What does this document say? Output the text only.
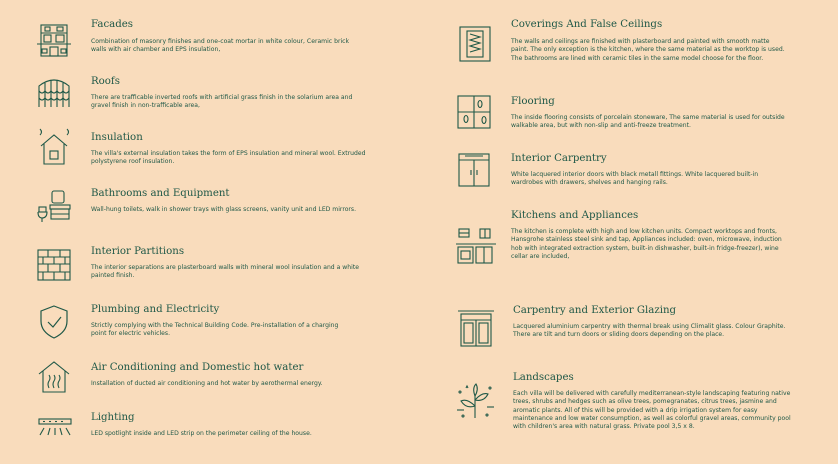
Facades
Combination of masonry finishes and one-coat mortar in white colour, Ceramic brick walls with air chamber and EPS insulation,
Roofs
There are trafficable inverted roofs with artificial grass finish in the solarium area and gravel finish in non-trafficable area,
Insulation
The villa's external insulation takes the form of EPS insulation and mineral wool. Extruded polystyrene roof insulation.
Bathrooms and Equipment
Wall-hung toilets, walk in shower trays with glass screens, vanity unit and LED mirrors.
Interior Partitions
The interior separations are plasterboard walls with mineral wool insulation and a white painted finish.
Plumbing and Electricity
Strictly complying with the Technical Building Code. Pre-installation of a charging point for electric vehicles.
Air Conditioning and Domestic hot water
Installation of ducted air conditioning and hot water by aerothermal energy.
Lighting
LED spotlight inside and LED strip on the perimeter ceiling of the house.
Coverings And False Ceilings
The walls and ceilings are finished with plasterboard and painted with smooth matte paint. The only exception is the kitchen, where the same material as the worktop is used. The bathrooms are lined with ceramic tiles in the same model choose for the floor.
Flooring
The inside flooring consists of porcelain stoneware, The same material is used for outside walkable area, but with non-slip and anti-freeze treatment.
Interior Carpentry
White lacquered interior doors with black metall fittings. White lacquered built-in wardrobes with drawers, shelves and hanging rails.
Kitchens and Appliances
The kitchen is complete with high and low kitchen units. Compact worktops and fronts, Hansgrohe stainless steel sink and tap, Appliances included: oven, microwave, induction hob with integrated extraction system, built-in dishwasher, built-in fridge-freezer), wine cellar are included,
Carpentry and Exterior Glazing
Lacquered aluminium carpentry with thermal break using Climalit glass. Colour Graphite. There are tilt and turn doors or sliding doors depending on the place.
Landscapes
Each villa will be delivered with carefully mediterranean-style landscaping featuring native trees, shrubs and hedges such as olive trees, pomegranates, citrus trees, jasmine and aromatic plants. All of this will be provided with a drip irrigation system for easy maintenance and low water consumption, as well as colorful gravel areas, community pool with children's area with natural grass. Private pool 3,5 x 8.
